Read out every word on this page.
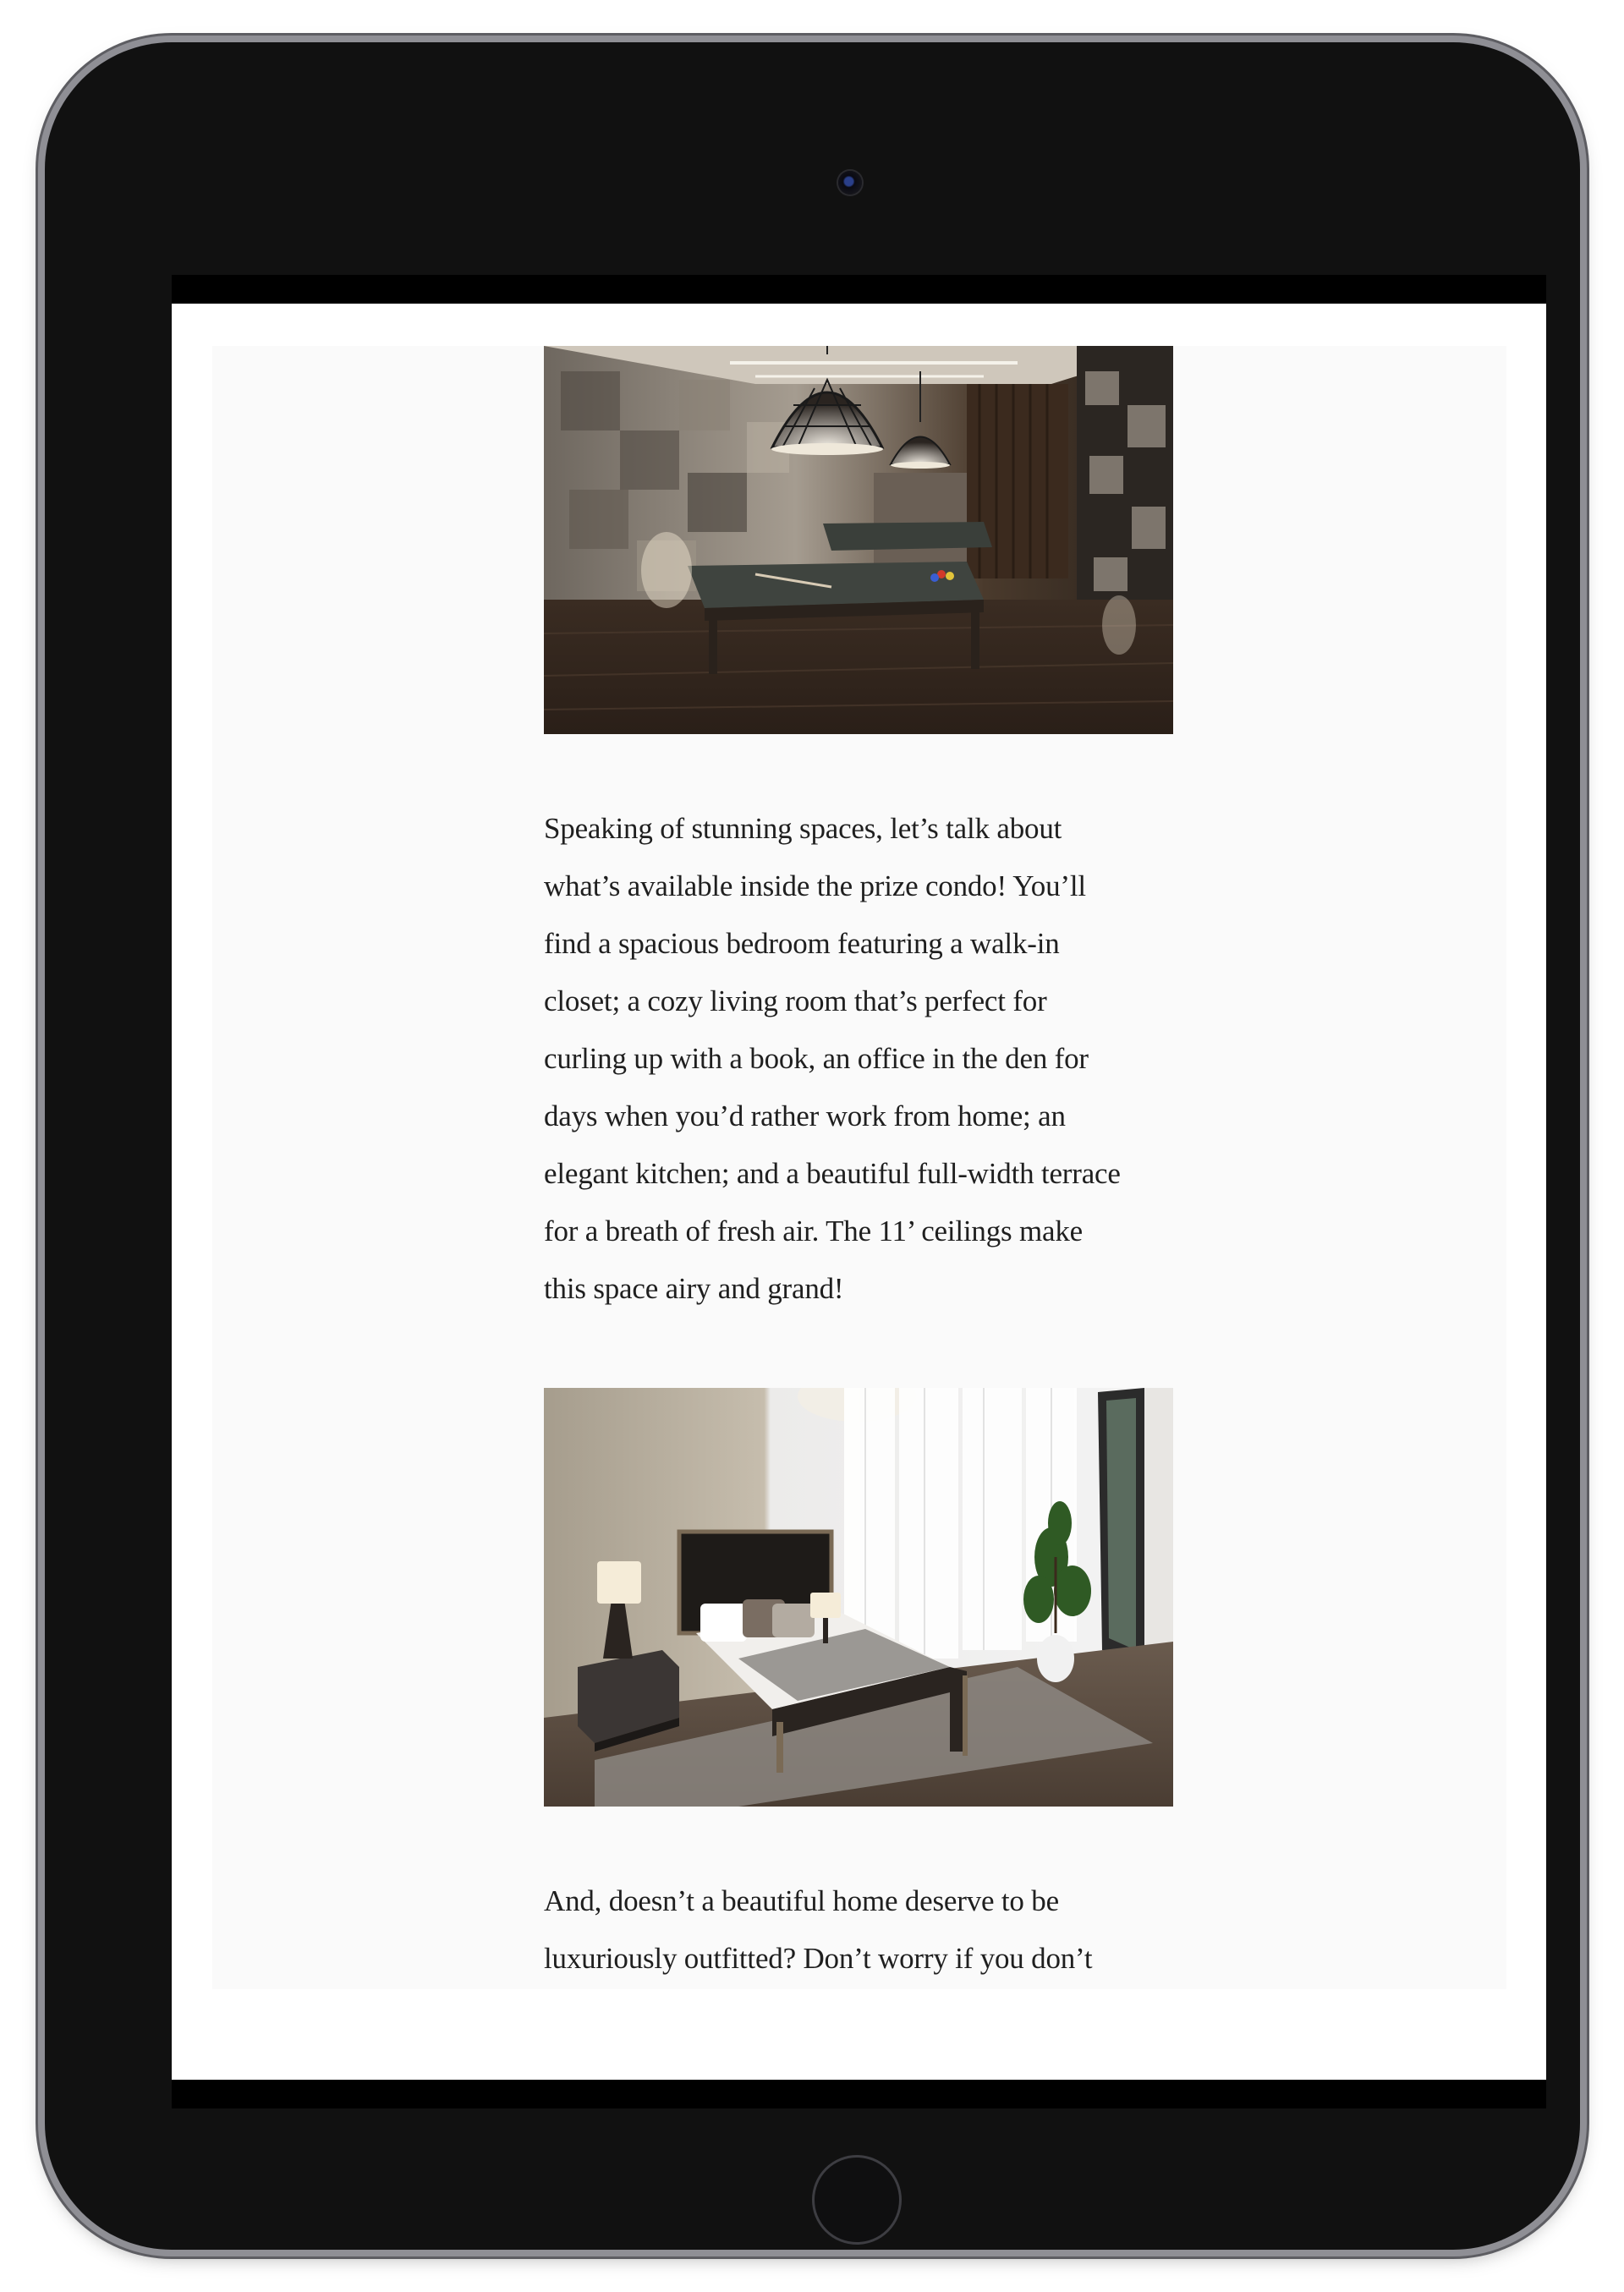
Speaking of stunning spaces, let’s talk about
what’s available inside the prize condo! You’ll
find a spacious bedroom featuring a walk-in
closet; a cozy living room that’s perfect for
curling up with a book, an office in the den for
days when you’d rather work from home; an
elegant kitchen; and a beautiful full-width terrace
for a breath of fresh air. The 11’ ceilings make
this space airy and grand!

And, doesn’t a beautiful home deserve to be
luxuriously outfitted? Don’t worry if you don’t
